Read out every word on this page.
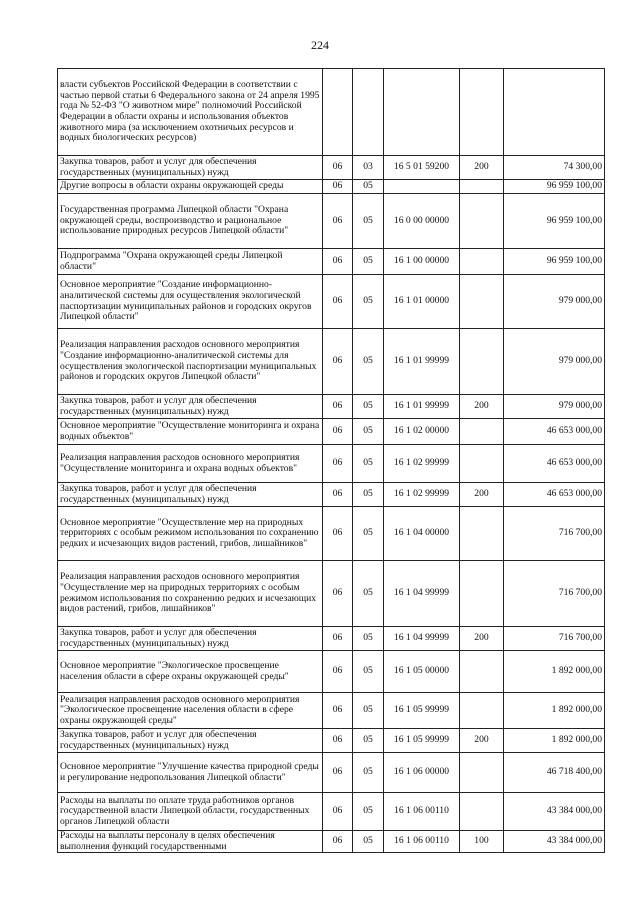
224
власти субъектов Российской Федерации в соответствии с частью первой статьи 6 Федерального закона от 24 апреля 1995 года № 52-ФЗ "О животном мире" полномочий Российской Федерации в области охраны и использования объектов животного мира (за исключением охотничьих ресурсов и водных биологических ресурсов)					
Закупка товаров, работ и услуг для обеспечения государственных (муниципальных) нужд	06	03	16 5 01 59200	200	74 300,00
Другие вопросы в области охраны окружающей среды	06	05			96 959 100,00
Государственная программа Липецкой области "Охрана окружающей среды, воспроизводство и рациональное использование природных ресурсов Липецкой области"	06	05	16 0 00 00000		96 959 100,00
Подпрограмма "Охрана окружающей среды Липецкой области"	06	05	16 1 00 00000		96 959 100,00
Основное мероприятие "Создание информационно-аналитической системы для осуществления экологической паспортизации муниципальных районов и городских округов Липецкой области"	06	05	16 1 01 00000		979 000,00
Реализация направления расходов основного мероприятия "Создание информационно-аналитической системы для осуществления экологической паспортизации муниципальных районов и городских округов Липецкой области"	06	05	16 1 01 99999		979 000,00
Закупка товаров, работ и услуг для обеспечения государственных (муниципальных) нужд	06	05	16 1 01 99999	200	979 000,00
Основное мероприятие "Осуществление мониторинга и охрана водных объектов"	06	05	16 1 02 00000		46 653 000,00
Реализация направления расходов основного мероприятия "Осуществление мониторинга и охрана водных объектов"	06	05	16 1 02 99999		46 653 000,00
Закупка товаров, работ и услуг для обеспечения государственных (муниципальных) нужд	06	05	16 1 02 99999	200	46 653 000,00
Основное мероприятие "Осуществление мер на природных территориях с особым режимом использования по сохранению редких и исчезающих видов растений, грибов, лишайников"	06	05	16 1 04 00000		716 700,00
Реализация направления расходов основного мероприятия "Осуществление мер на природных территориях с особым режимом использования по сохранению редких и исчезающих видов растений, грибов, лишайников"	06	05	16 1 04 99999		716 700,00
Закупка товаров, работ и услуг для обеспечения государственных (муниципальных) нужд	06	05	16 1 04 99999	200	716 700,00
Основное мероприятие "Экологическое просвещение населения области в сфере охраны окружающей среды"	06	05	16 1 05 00000		1 892 000,00
Реализация направления расходов основного мероприятия "Экологическое просвещение населения области в сфере охраны окружающей среды"	06	05	16 1 05 99999		1 892 000,00
Закупка товаров, работ и услуг для обеспечения государственных (муниципальных) нужд	06	05	16 1 05 99999	200	1 892 000,00
Основное мероприятие "Улучшение качества природной среды и регулирование недропользования Липецкой области"	06	05	16 1 06 00000		46 718 400,00
Расходы на выплаты по оплате труда работников органов государственной власти Липецкой области, государственных органов Липецкой области	06	05	16 1 06 00110		43 384 000,00
Расходы на выплаты персоналу в целях обеспечения выполнения функций государственными	06	05	16 1 06 00110	100	43 384 000,00
